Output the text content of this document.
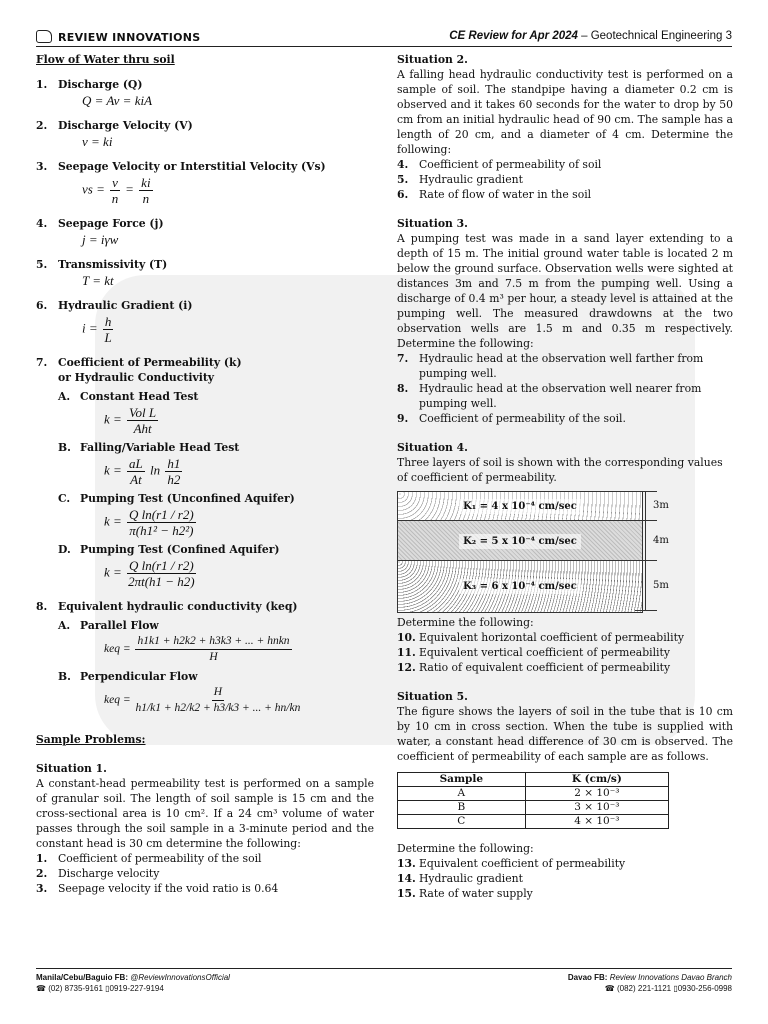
REVIEW INNOVATIONS	CE Review for Apr 2024 – Geotechnical Engineering 3
Flow of Water thru soil
1. Discharge (Q)
Q = Av = kiA
2. Discharge Velocity (V)
v = ki
3. Seepage Velocity or Interstitial Velocity (Vs)
vs = $\frac{v}{n} = \frac{ki}{n}$
4. Seepage Force (j)
j = iγw
5. Transmissivity (T)
T = kt
6. Hydraulic Gradient (i)
$i = \frac{h}{L}$
7. Coefficient of Permeability (k)
or Hydraulic Conductivity
A. Constant Head Test
k = Vol L
Aht
B. Falling/Variable Head Test
$k = \frac{aL}{At}$ $\ln \frac{h1}{h2}$
C. Pumping Test (Unconfined Aquifer)
$k = \frac{\text{Q ln(r1 / r2)}}{\text{π(h1² − h2²)}}$
D. Pumping Test (Confined Aquifer)
$k = \frac{\text{Q ln(r1 / r2)}}{2\pi t(h1 - h2)}$
8. Equivalent hydraulic conductivity (keq)
A. Parallel Flow
keq =
h1k1 + h2k2 + h3k3 + ... + hnkn
H
B. Perpendicular Flow
keq = $\frac{H}{h1/k1 + h2/k2 + h3/k3 + ... + hn/kn}$
Sample Problems:
Situation 1.
A constant-head permeability test is performed on a sample of granular soil. The length of soil sample is 15 cm and the cross-sectional area is 10 cm². If a 24 cm³ volume of water passes through the soil sample in a 3-minute period and the constant head is 30 cm determine the following:
1. Coefficient of permeability of the soil
2. Discharge velocity
3. Seepage velocity if the void ratio is 0.64
Situation 2.
A falling head hydraulic conductivity test is performed on a sample of soil. The standpipe having a diameter 0.2 cm is observed and it takes 60 seconds for the water to drop by 50 cm from an initial hydraulic head of 90 cm. The sample has a length of 20 cm, and a diameter of 4 cm. Determine the following:
4. Coefficient of permeability of soil
5. Hydraulic gradient
6. Rate of flow of water in the soil
Situation 3.
A pumping test was made in a sand layer extending to a depth of 15 m. The initial ground water table is located 2 m below the ground surface. Observation wells were sighted at distances 3m and 7.5 m from the pumping well. Using a discharge of 0.4 m³ per hour, a steady level is attained at the pumping well. The measured drawdowns at the two observation wells are 1.5 m and 0.35 m respectively. Determine the following:
7. Hydraulic head at the observation well farther from pumping well.
8. Hydraulic head at the observation well nearer from pumping well.
9. Coefficient of permeability of the soil.
Situation 4.
Three layers of soil is shown with the corresponding values of coefficient of permeability.
K₁ = 4 x 10⁻⁴ cm/sec
K₂ = 5 x 10⁻⁴ cm/sec
K₃ = 6 x 10⁻⁴ cm/sec
3m
4m
5m
Determine the following:
10. Equivalent horizontal coefficient of permeability
11. Equivalent vertical coefficient of permeability
12. Ratio of equivalent coefficient of permeability
Situation 5.
The figure shows the layers of soil in the tube that is 10 cm by 10 cm in cross section. When the tube is supplied with water, a constant head difference of 30 cm is observed. The coefficient of permeability of each sample are as follows.
Sample	K (cm/s)
A	2 × 10⁻³
B	3 × 10⁻³
C	4 × 10⁻³
Determine the following:
13. Equivalent coefficient of permeability
14. Hydraulic gradient
15. Rate of water supply
Manila/Cebu/Baguio FB: @ReviewInnovationsOfficial
☎ (02) 8735-9161 ▯0919-227-9194
Davao FB: Review Innovations Davao Branch
☎ (082) 221-1121 ▯0930-256-0998
